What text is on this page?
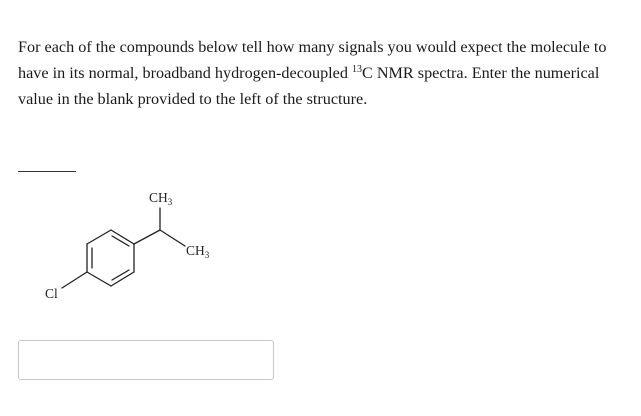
For each of the compounds below tell how many signals you would expect the molecule to have in its normal, broadband hydrogen-decoupled $^{13}$C NMR spectra. Enter the numerical value in the blank provided to the left of the structure.

$CH_3$
$CH_3$
Cl
